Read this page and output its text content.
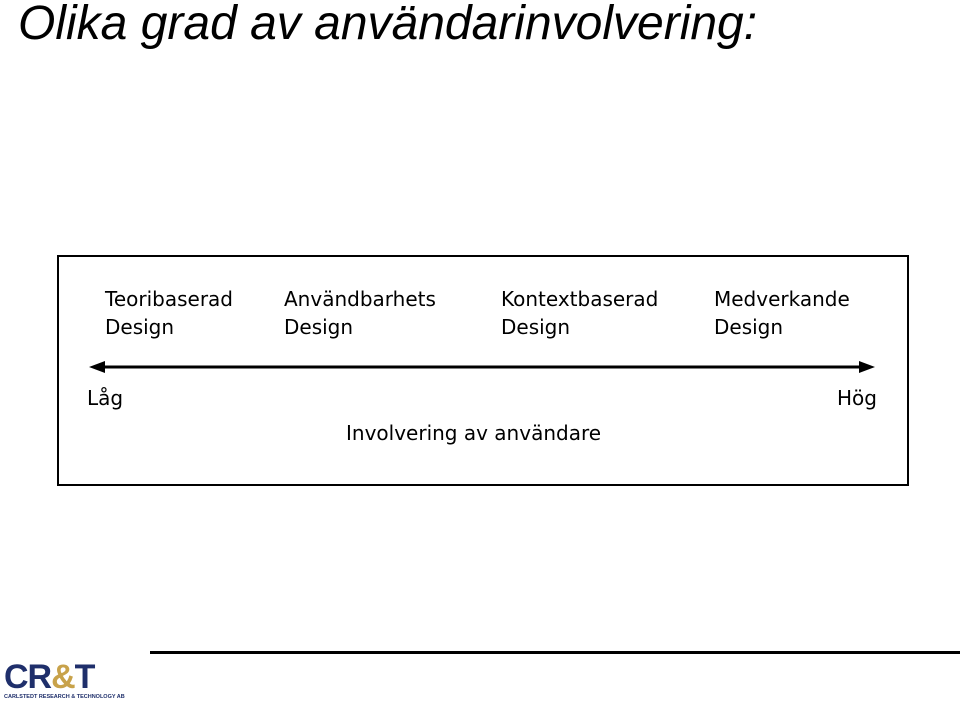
Olika grad av användarinvolvering:
Teoribaserad
Design
Användbarhets
Design
Kontextbaserad
Design
Medverkande
Design
Låg	Hög
Involvering av användare
CR&T
CARLSTEDT RESEARCH & TECHNOLOGY AB
